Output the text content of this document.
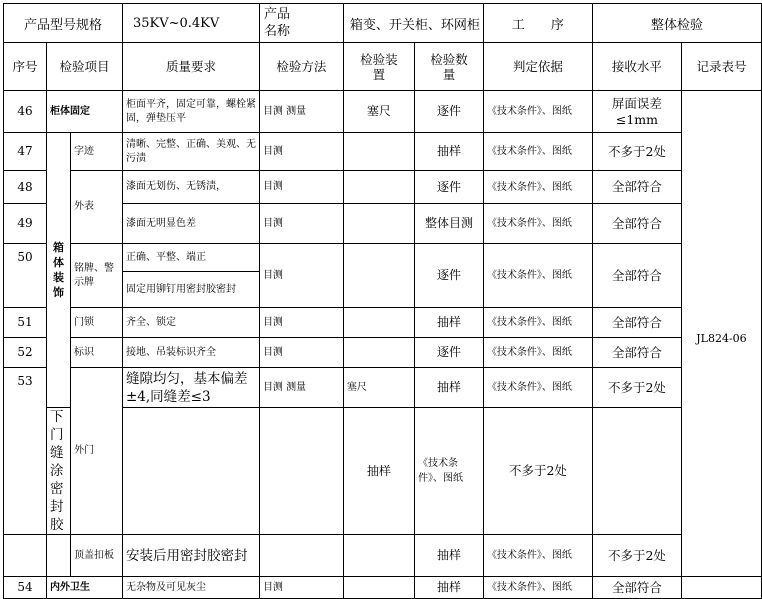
产品型号规格			35KV~0.4KV	产品名称	箱变、开关柜、环网柜		工　　序	整体检验	
序号	检验项目		质量要求	检验方法	检验装置	检验数量	判定依据	接收水平	记录表号
46	柜体固定		柜面平齐，固定可靠，螺栓紧固，弹垫压平	目测 测量	塞尺	逐件	《技术条件》、图纸	屏面误差≤1mm	JL824-06
47	箱体装饰	字迹	清晰、完整、正确、美观、无污渍	目测		抽样	《技术条件》、图纸	不多于2处	
48		外表	漆面无划伤、无锈渍，	目测		逐件	《技术条件》、图纸	全部符合	
49			漆面无明显色差	目测		整体目测	《技术条件》、图纸	全部符合	
50		铭牌、警示牌	正确、平整、端正	目测		逐件	《技术条件》、图纸	全部符合	
			固定用铆钉用密封胶密封						
51		门锁	齐全、锁定	目测		抽样	《技术条件》、图纸	全部符合	
52		标识	接地、吊装标识齐全	目测		逐件	《技术条件》、图纸	全部符合	
53		外门	缝隙均匀，基本偏差±4,同缝差≤3	目测 测量	塞尺	抽样	《技术条件》、图纸	不多于2处	
	下门缝涂密封胶				抽样	《技术条件》、图纸	不多于2处		
		顶盖扣板	安装后用密封胶密封			抽样	《技术条件》、图纸	不多于2处	
54	内外卫生		无杂物及可见灰尘	目测		抽样	《技术条件》、图纸	全部符合	
